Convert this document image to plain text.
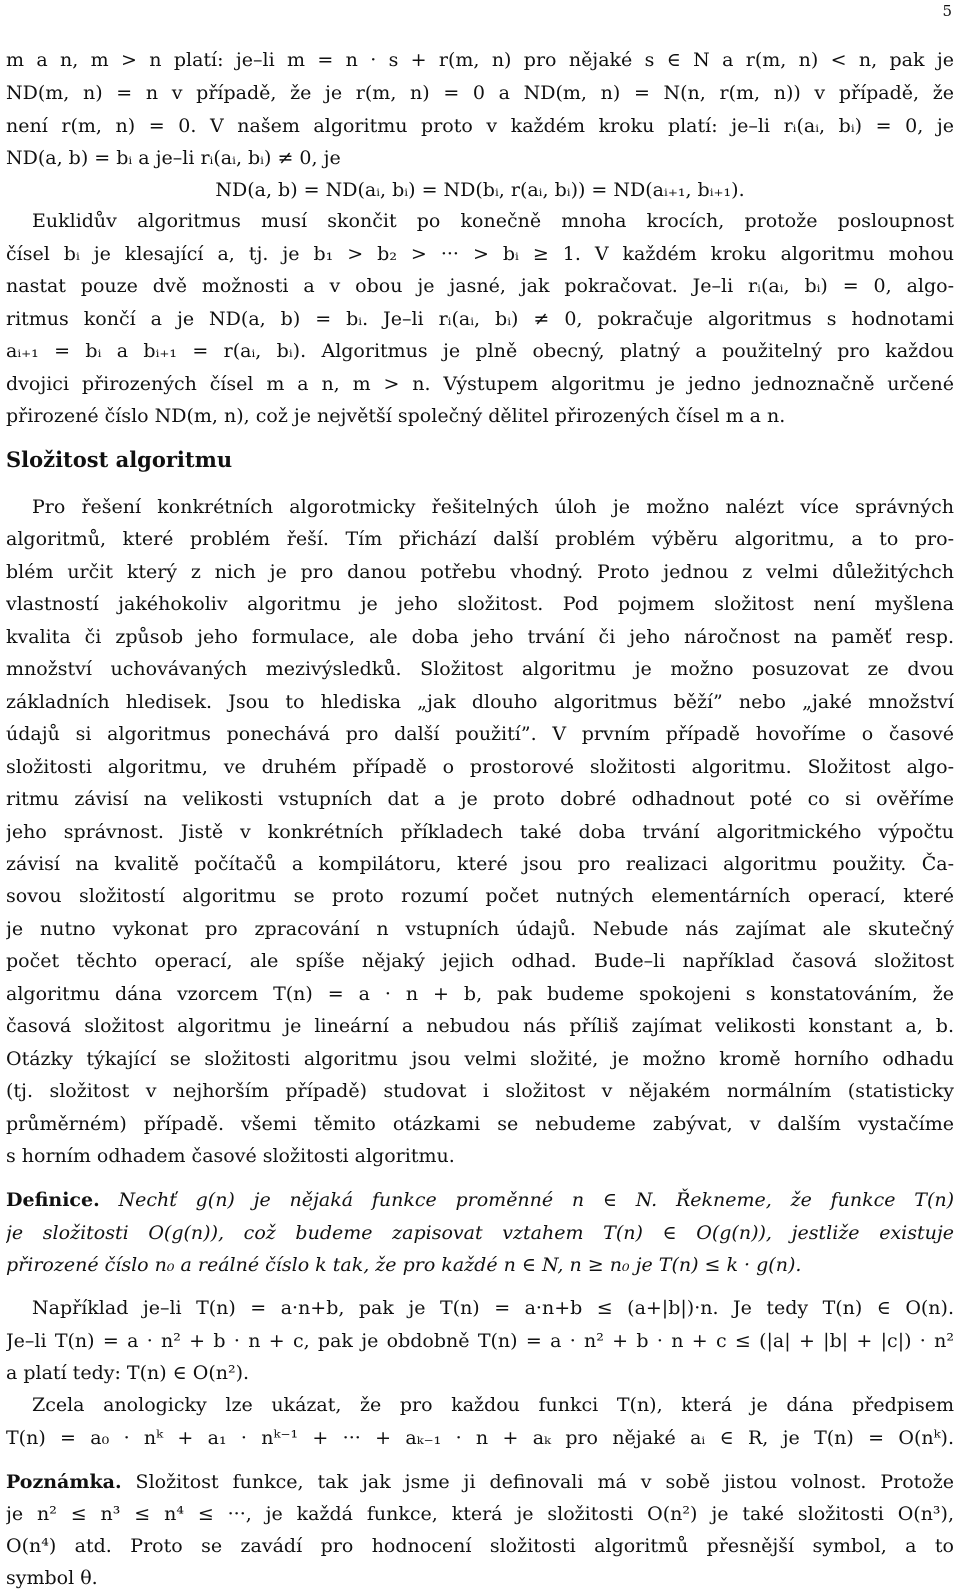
5
m a n, m > n platí: je–li m = n · s + r(m, n) pro nějaké s ∈ N a r(m, n) < n, pak je
ND(m, n) = n v případě, že je r(m, n) = 0 a ND(m, n) = N(n, r(m, n)) v případě, že
není r(m, n) = 0. V našem algoritmu proto v každém kroku platí: je–li rᵢ(aᵢ, bᵢ) = 0, je
ND(a, b) = bᵢ a je–li rᵢ(aᵢ, bᵢ) ≠ 0, je
ND(a, b) = ND(aᵢ, bᵢ) = ND(bᵢ, r(aᵢ, bᵢ)) = ND(aᵢ₊₁, bᵢ₊₁).
Euklidův algoritmus musí skončit po konečně mnoha krocích, protože posloupnost
čísel bᵢ je klesající a, tj. je b₁ > b₂ > ··· > bᵢ ≥ 1. V každém kroku algoritmu mohou
nastat pouze dvě možnosti a v obou je jasné, jak pokračovat. Je–li rᵢ(aᵢ, bᵢ) = 0, algo-
ritmus končí a je ND(a, b) = bᵢ. Je–li rᵢ(aᵢ, bᵢ) ≠ 0, pokračuje algoritmus s hodnotami
aᵢ₊₁ = bᵢ a bᵢ₊₁ = r(aᵢ, bᵢ). Algoritmus je plně obecný, platný a použitelný pro každou
dvojici přirozených čísel m a n, m > n. Výstupem algoritmu je jedno jednoznačně určené
přirozené číslo ND(m, n), což je největší společný dělitel přirozených čísel m a n.
Složitost algoritmu
Pro řešení konkrétních algorotmicky řešitelných úloh je možno nalézt více správných
algoritmů, které problém řeší. Tím přichází další problém výběru algoritmu, a to pro-
blém určit který z nich je pro danou potřebu vhodný. Proto jednou z velmi důležitýchch
vlastností jakéhokoliv algoritmu je jeho složitost. Pod pojmem složitost není myšlena
kvalita či způsob jeho formulace, ale doba jeho trvání či jeho náročnost na paměť resp.
množství uchovávaných mezivýsledků. Složitost algoritmu je možno posuzovat ze dvou
základních hledisek. Jsou to hlediska „jak dlouho algoritmus běží” nebo „jaké množství
údajů si algoritmus ponechává pro další použití”. V prvním případě hovoříme o časové
složitosti algoritmu, ve druhém případě o prostorové složitosti algoritmu. Složitost algo-
ritmu závisí na velikosti vstupních dat a je proto dobré odhadnout poté co si ověříme
jeho správnost. Jistě v konkrétních příkladech také doba trvání algoritmického výpočtu
závisí na kvalitě počítačů a kompilátoru, které jsou pro realizaci algoritmu použity. Ča-
sovou složitostí algoritmu se proto rozumí počet nutných elementárních operací, které
je nutno vykonat pro zpracování n vstupních údajů. Nebude nás zajímat ale skutečný
počet těchto operací, ale spíše nějaký jejich odhad. Bude–li například časová složitost
algoritmu dána vzorcem T(n) = a · n + b, pak budeme spokojeni s konstatováním, že
časová složitost algoritmu je lineární a nebudou nás příliš zajímat velikosti konstant a, b.
Otázky týkající se složitosti algoritmu jsou velmi složité, je možno kromě horního odhadu
(tj. složitost v nejhorším případě) studovat i složitost v nějakém normálním (statisticky
průměrném) případě. všemi těmito otázkami se nebudeme zabývat, v dalším vystačíme
s horním odhadem časové složitosti algoritmu.
Definice. Nechť g(n) je nějaká funkce proměnné n ∈ N. Řekneme, že funkce T(n)
je složitosti O(g(n)), což budeme zapisovat vztahem T(n) ∈ O(g(n)), jestliže existuje
přirozené číslo n₀ a reálné číslo k tak, že pro každé n ∈ N, n ≥ n₀ je T(n) ≤ k · g(n).
Například je–li T(n) = a·n+b, pak je T(n) = a·n+b ≤ (a+|b|)·n. Je tedy T(n) ∈ O(n).
Je–li T(n) = a · n² + b · n + c, pak je obdobně T(n) = a · n² + b · n + c ≤ (|a| + |b| + |c|) · n²
a platí tedy: T(n) ∈ O(n²).
Zcela anologicky lze ukázat, že pro každou funkci T(n), která je dána předpisem
T(n) = a₀ · nᵏ + a₁ · nᵏ⁻¹ + ··· + aₖ₋₁ · n + aₖ pro nějaké aᵢ ∈ R, je T(n) = O(nᵏ).
Poznámka. Složitost funkce, tak jak jsme ji definovali má v sobě jistou volnost. Protože
je n² ≤ n³ ≤ n⁴ ≤ ···, je každá funkce, která je složitosti O(n²) je také složitosti O(n³),
O(n⁴) atd. Proto se zavádí pro hodnocení složitosti algoritmů přesnější symbol, a to
symbol θ.
